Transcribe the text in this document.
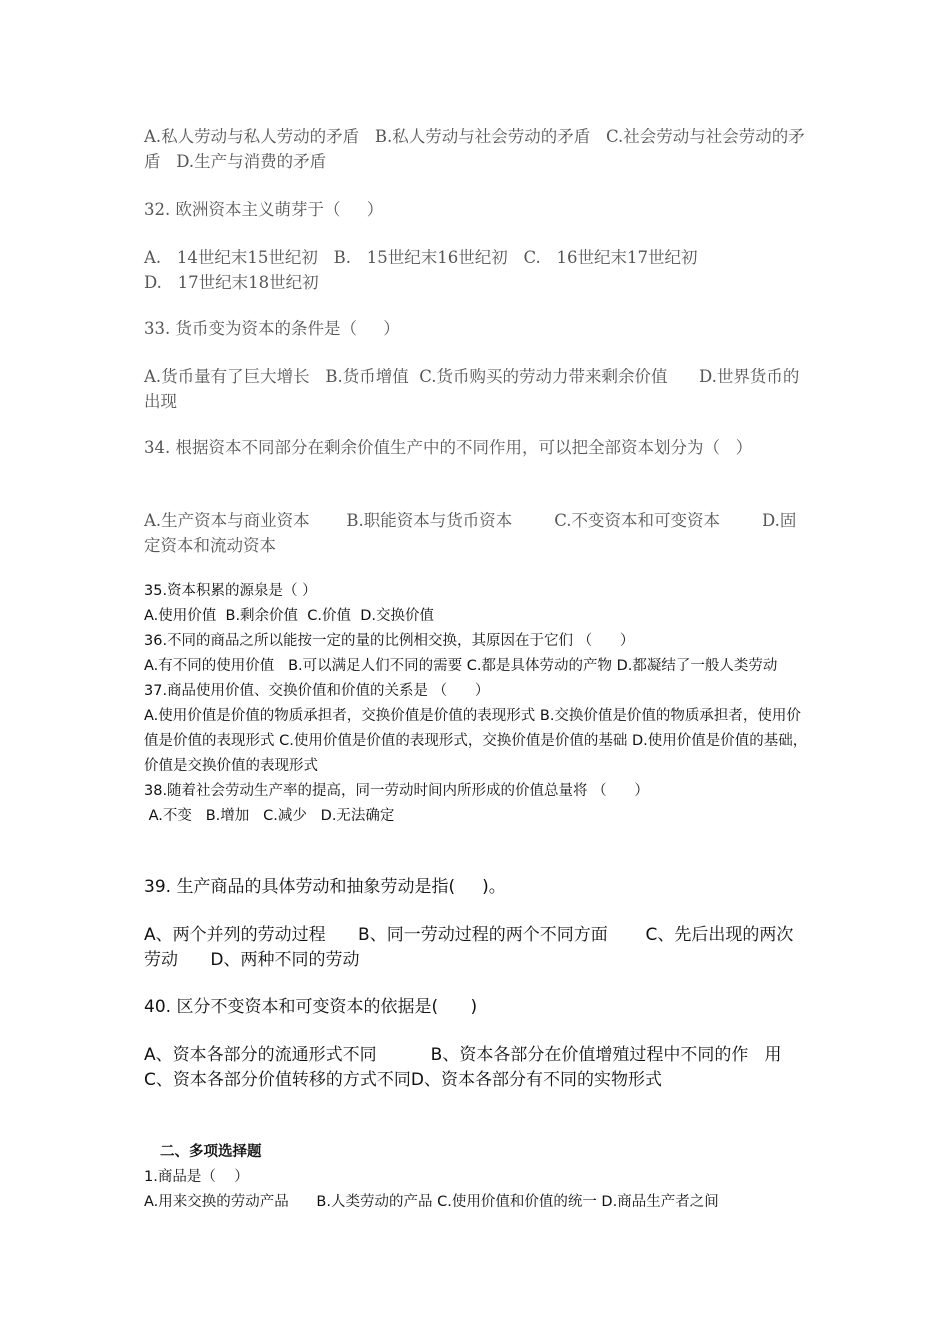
A.私人劳动与私人劳动的矛盾   B.私人劳动与社会劳动的矛盾   C.社会劳动与社会劳动的矛盾   D.生产与消费的矛盾

32. 欧洲资本主义萌芽于（     ）

A.   14世纪末15世纪初   B.   15世纪末16世纪初   C.   16世纪末17世纪初

D.   17世纪末18世纪初

33. 货币变为资本的条件是（     ）

A.货币量有了巨大增长   B.货币增值  C.货币购买的劳动力带来剩余价值      D.世界货币的出现

34. 根据资本不同部分在剩余价值生产中的不同作用，可以把全部资本划分为（   ）

A.生产资本与商业资本       B.职能资本与货币资本        C.不变资本和可变资本        D.固定资本和流动资本

35.资本积累的源泉是（ ）

A.使用价值  B.剩余价值  C.价值  D.交换价值

36.不同的商品之所以能按一定的量的比例相交换，其原因在于它们 （      ）

A.有不同的使用价值   B.可以满足人们不同的需要 C.都是具体劳动的产物 D.都凝结了一般人类劳动

37.商品使用价值、交换价值和价值的关系是 （      ）

A.使用价值是价值的物质承担者，交换价值是价值的表现形式 B.交换价值是价值的物质承担者，使用价值是价值的表现形式 C.使用价值是价值的表现形式，交换价值是价值的基础 D.使用价值是价值的基础，价值是交换价值的表现形式

38.随着社会劳动生产率的提高，同一劳动时间内所形成的价值总量将 （      ）

A.不变   B.增加   C.减少   D.无法确定

39. 生产商品的具体劳动和抽象劳动是指(     )。

A、两个并列的劳动过程      B、同一劳动过程的两个不同方面       C、先后出现的两次劳动      D、两种不同的劳动

40. 区分不变资本和可变资本的依据是(      )

A、资本各部分的流通形式不同          B、资本各部分在价值增殖过程中不同的作   用   C、资本各部分价值转移的方式不同D、资本各部分有不同的实物形式

二、多项选择题

1.商品是（    ）

A.用来交换的劳动产品      B.人类劳动的产品 C.使用价值和价值的统一 D.商品生产者之间
